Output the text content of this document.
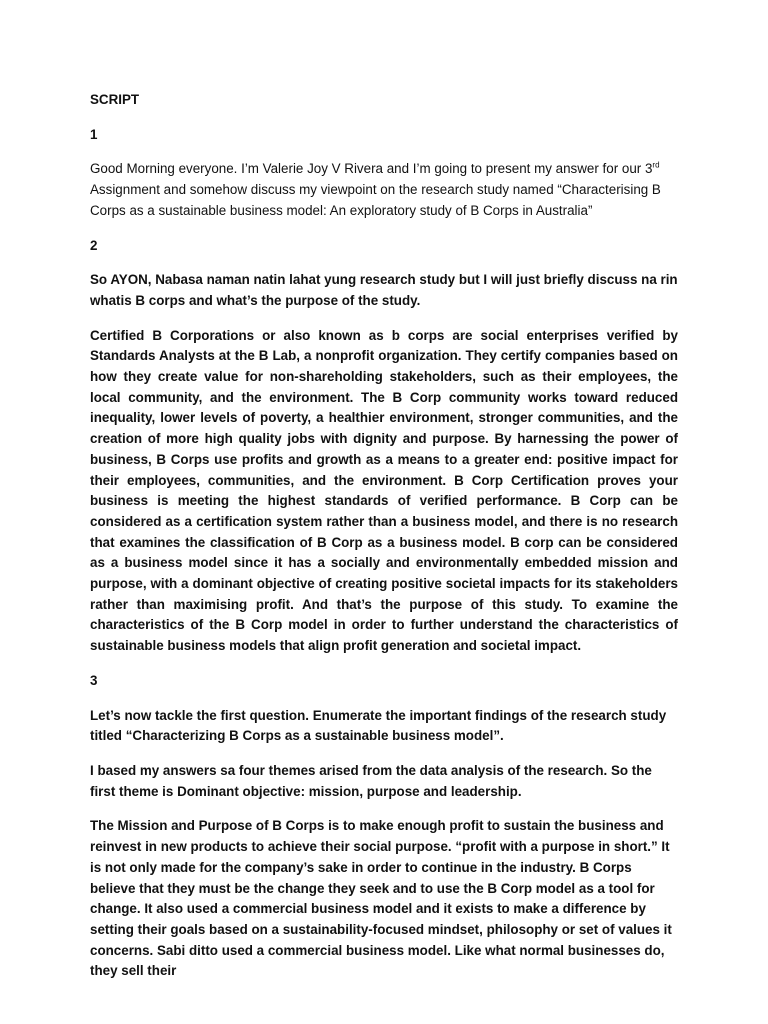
SCRIPT
1
Good Morning everyone. I’m Valerie Joy V Rivera and I’m going to present my answer for our 3rd Assignment and somehow discuss my viewpoint on the research study named “Characterising B Corps as a sustainable business model: An exploratory study of B Corps in Australia”
2
So AYON, Nabasa naman natin lahat yung research study but I will just briefly discuss na rin whatis B corps and what’s the purpose of the study.
Certified B Corporations or also known as b corps are social enterprises verified by Standards Analysts at the B Lab, a nonprofit organization. They certify companies based on how they create value for non-shareholding stakeholders, such as their employees, the local community, and the environment. The B Corp community works toward reduced inequality, lower levels of poverty, a healthier environment, stronger communities, and the creation of more high quality jobs with dignity and purpose. By harnessing the power of business, B Corps use profits and growth as a means to a greater end: positive impact for their employees, communities, and the environment. B Corp Certification proves your business is meeting the highest standards of verified performance. B Corp can be considered as a certification system rather than a business model, and there is no research that examines the classification of B Corp as a business model. B corp can be considered as a business model since it has a socially and environmentally embedded mission and purpose, with a dominant objective of creating positive societal impacts for its stakeholders rather than maximising profit. And that’s the purpose of this study. To examine the characteristics of the B Corp model in order to further understand the characteristics of sustainable business models that align profit generation and societal impact.
3
Let’s now tackle the first question. Enumerate the important findings of the research study titled “Characterizing B Corps as a sustainable business model”.
I based my answers sa four themes arised from the data analysis of the research. So the first theme is Dominant objective: mission, purpose and leadership.
The Mission and Purpose of B Corps is to make enough profit to sustain the business and reinvest in new products to achieve their social purpose. “profit with a purpose in short.” It is not only made for the company’s sake in order to continue in the industry. B Corps believe that they must be the change they seek and to use the B Corp model as a tool for change. It also used a commercial business model and it exists to make a difference by setting their goals based on a sustainability-focused mindset, philosophy or set of values it concerns. Sabi ditto used a commercial business model. Like what normal businesses do, they sell their
